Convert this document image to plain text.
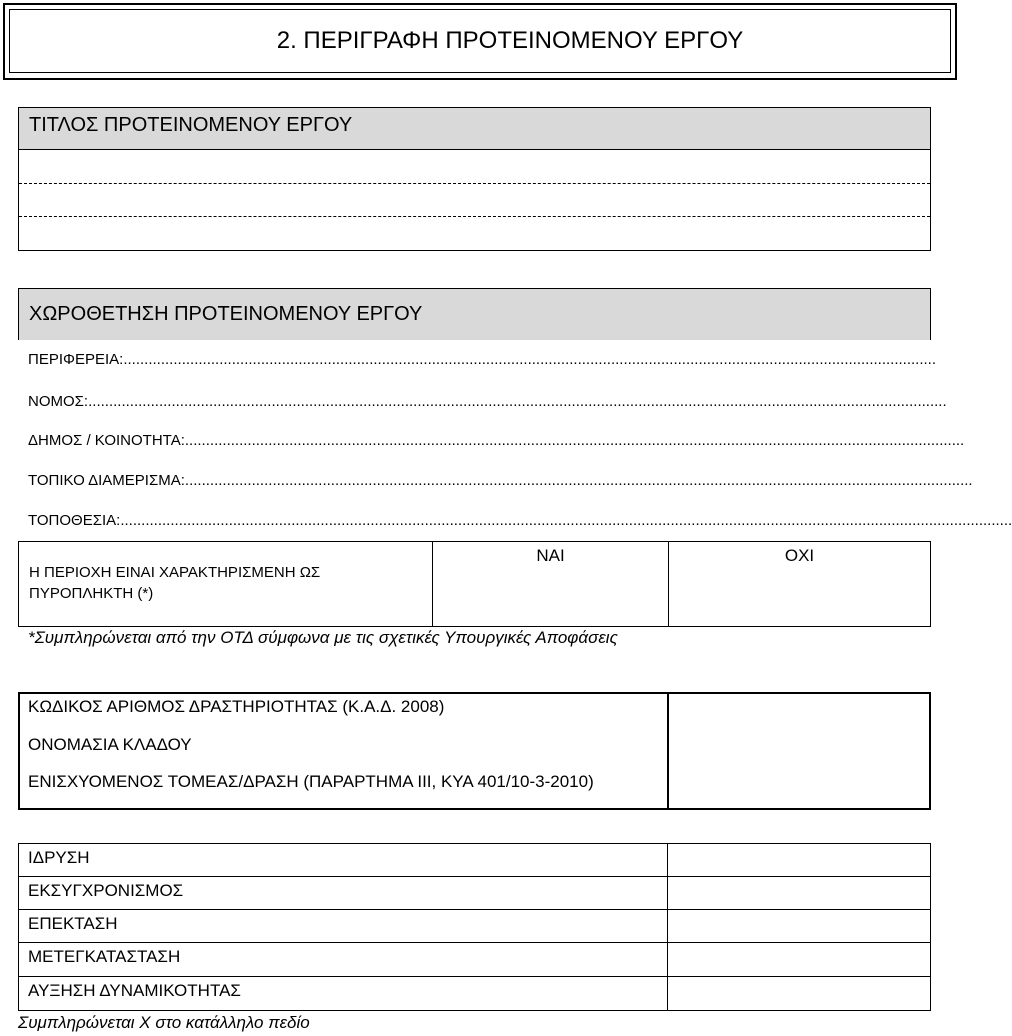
2. ΠΕΡΙΓΡΑΦΗ ΠΡΟΤΕΙΝΟΜΕΝΟΥ ΕΡΓΟΥ
ΤΙΤΛΟΣ ΠΡΟΤΕΙΝΟΜΕΝΟΥ ΕΡΓΟΥ
ΧΩΡΟΘΕΤΗΣΗ ΠΡΟΤΕΙΝΟΜΕΝΟΥ ΕΡΓΟΥ
ΠΕΡΙΦΕΡΕΙΑ:...................................................................................................................................................................................................
ΝΟΜΟΣ:..............................................................................................................................................................................................................
ΔΗΜΟΣ / ΚΟΙΝΟΤΗΤΑ:...........................................................................................................................................................................................
ΤΟΠΙΚΟ ΔΙΑΜΕΡΙΣΜΑ:.............................................................................................................................................................................................
ΤΟΠΟΘΕΣΙΑ:......................................................................................................................................................................................................................
Η ΠΕΡΙΟΧΗ ΕΙΝΑΙ ΧΑΡΑΚΤΗΡΙΣΜΕΝΗ ΩΣ
ΠΥΡΟΠΛΗΚΤΗ (*)
ΝΑΙ	ΟΧΙ
*Συμπληρώνεται από την ΟΤΔ σύμφωνα με τις σχετικές Υπουργικές Αποφάσεις
ΚΩΔΙΚΟΣ ΑΡΙΘΜΟΣ ΔΡΑΣΤΗΡΙΟΤΗΤΑΣ (Κ.Α.Δ. 2008)
ΟΝΟΜΑΣΙΑ ΚΛΑΔΟΥ
ΕΝΙΣΧΥΟΜΕΝΟΣ ΤΟΜΕΑΣ/ΔΡΑΣΗ (ΠΑΡΑΡΤΗΜΑ ΙΙΙ, ΚΥΑ 401/10-3-2010)
ΙΔΡΥΣΗ
ΕΚΣΥΓΧΡΟΝΙΣΜΟΣ
ΕΠΕΚΤΑΣΗ
ΜΕΤΕΓΚΑΤΑΣΤΑΣΗ
ΑΥΞΗΣΗ ΔΥΝΑΜΙΚΟΤΗΤΑΣ
Συμπληρώνεται Χ στο κατάλληλο πεδίο
